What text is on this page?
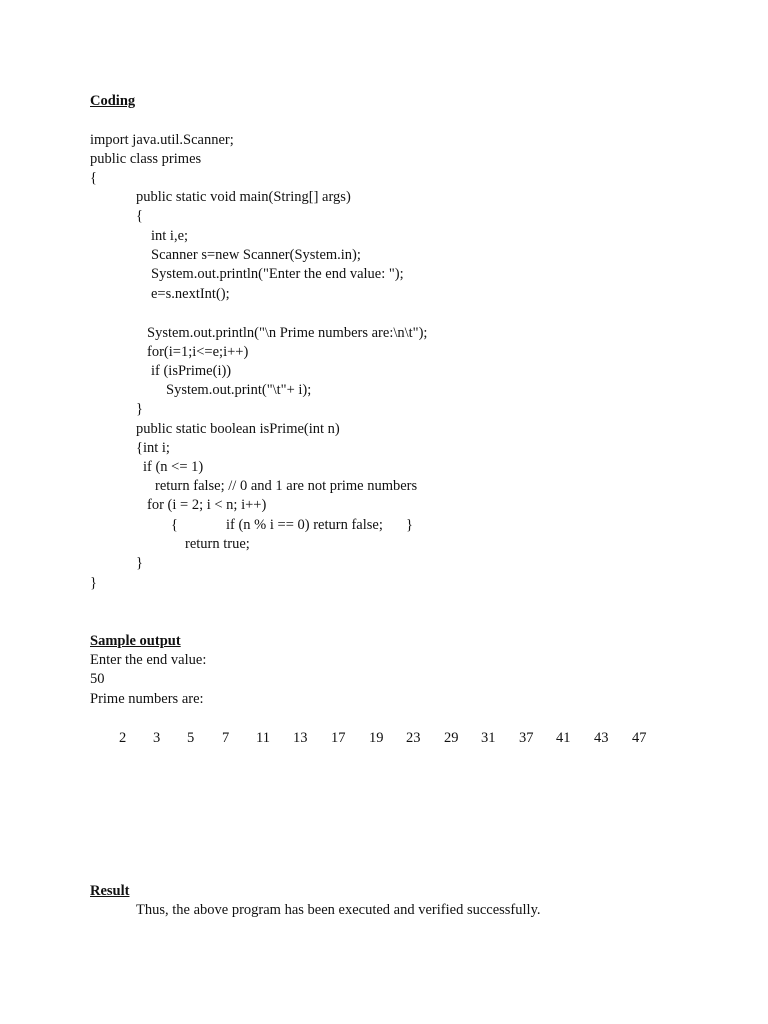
Coding
import java.util.Scanner;
public class primes
{
public static void main(String[] args)
{
int i,e;
Scanner s=new Scanner(System.in);
System.out.println("Enter the end value: ");
e=s.nextInt();
System.out.println("\n Prime numbers are:\n\t");
for(i=1;i<=e;i++)
if (isPrime(i))
System.out.print("\t"+ i);
}
public static boolean isPrime(int n)
{int i;
if (n <= 1)
return false; // 0 and 1 are not prime numbers
for (i = 2; i < n; i++)
{	if (n % i == 0) return false; }
return true;
}
}
Sample output
Enter the end value:
50
Prime numbers are:
2 3 5 7 11 13 17 19 23 29 31 37 41 43 47
Result
Thus, the above program has been executed and verified successfully.
